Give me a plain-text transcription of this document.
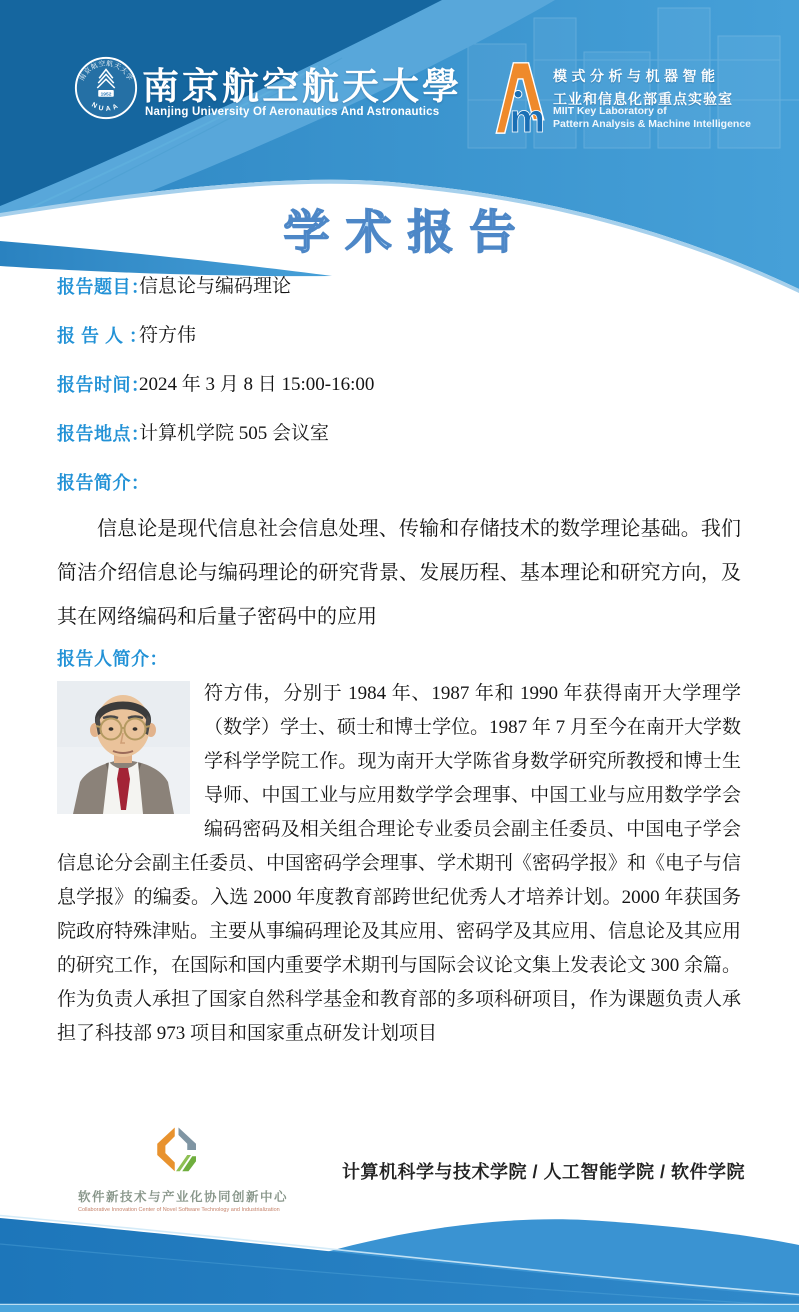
南京航空航天大学
1952
NUAA 南京航空航天大學
Nanjing University Of Aeronautics And Astronautics m
模式分析与机器智能
工业和信息化部重点实验室
MIIT Key Laboratory of
Pattern Analysis & Machine Intelligence
学术报告
报告题目：
信息论与编码理论
报 告 人 ：
符方伟
报告时间：
2024 年 3 月 8 日 15:00-16:00
报告地点：
计算机学院 505 会议室
报告简介：

信息论是现代信息社会信息处理、传输和存储技术的数学理论基础。我们简洁介绍信息论与编码理论的研究背景、发展历程、基本理论和研究方向，及其在网络编码和后量子密码中的应用

报告人简介：

符方伟，分别于 1984 年、1987 年和 1990 年获得南开大学理学（数学）学士、硕士和博士学位。1987 年 7 月至今在南开大学数学科学学院工作。现为南开大学陈省身数学研究所教授和博士生导师、中国工业与应用数学学会理事、中国工业与应用数学学会编码密码及相关组合理论专业委员会副主任委员、中国电子学会信息论分会副主任委员、中国密码学会理事、学术期刊《密码学报》和《电子与信息学报》的编委。入选 2000 年度教育部跨世纪优秀人才培养计划。2000 年获国务院政府特殊津贴。主要从事编码理论及其应用、密码学及其应用、信息论及其应用的研究工作，在国际和国内重要学术期刊与国际会议论文集上发表论文 300 余篇。作为负责人承担了国家自然科学基金和教育部的多项科研项目，作为课题负责人承担了科技部 973 项目和国家重点研发计划项目

软件新技术与产业化协同创新中心
Collaborative Innovation Center of Novel Software Technology and Industrialization
计算机科学与技术学院 / 人工智能学院 / 软件学院
